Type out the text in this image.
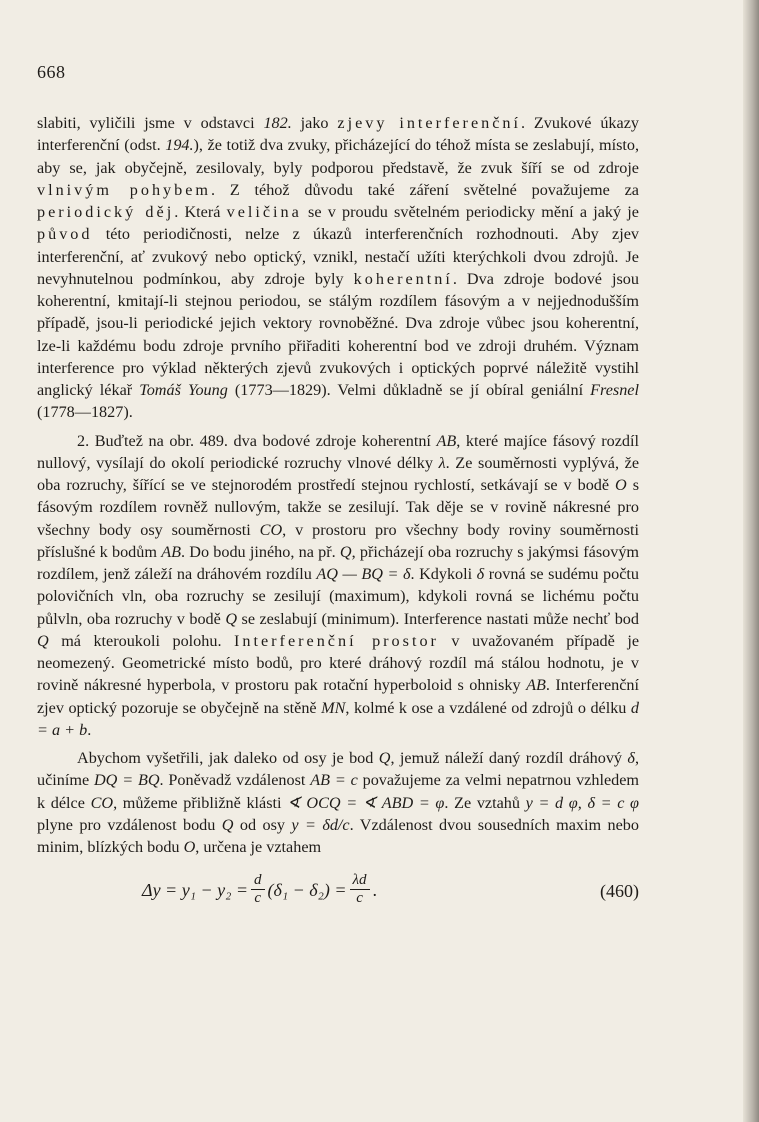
668

slabiti, vyličili jsme v odstavci 182. jako zjevy interferenční. Zvukové úkazy interferenční (odst. 194.), že totiž dva zvuky, přicházející do téhož místa se zeslabují, místo, aby se, jak obyčejně, zesilovaly, byly podporou představě, že zvuk šíří se od zdroje vlnivým pohybem. Z téhož důvodu také záření světelné považujeme za periodický děj. Která veličina se v proudu světelném periodicky mění a jaký je původ této periodičnosti, nelze z úkazů interferenčních rozhodnouti. Aby zjev interferenční, ať zvukový nebo optický, vznikl, nestačí užíti kterýchkoli dvou zdrojů. Je nevyhnutelnou podmínkou, aby zdroje byly koherentní. Dva zdroje bodové jsou koherentní, kmitají-li stejnou periodou, se stálým rozdílem fásovým a v nejjednodušším případě, jsou-li periodické jejich vektory rovnoběžné. Dva zdroje vůbec jsou koherentní, lze-li každému bodu zdroje prvního přiřaditi koherentní bod ve zdroji druhém. Význam interference pro výklad některých zjevů zvukových i optických poprvé náležitě vystihl anglický lékař Tomáš Young (1773—1829). Velmi důkladně se jí obíral geniální Fresnel (1778—1827).

2. Buďtež na obr. 489. dva bodové zdroje koherentní AB, které majíce fásový rozdíl nullový, vysílají do okolí periodické rozruchy vlnové délky λ. Ze souměrnosti vyplývá, že oba rozruchy, šířící se ve stejnorodém prostředí stejnou rychlostí, setkávají se v bodě O s fásovým rozdílem rovněž nullovým, takže se zesilují. Tak děje se v rovině nákresné pro všechny body osy souměrnosti CO, v prostoru pro všechny body roviny souměrnosti příslušné k bodům AB. Do bodu jiného, na př. Q, přicházejí oba rozruchy s jakýmsi fásovým rozdílem, jenž záleží na dráhovém rozdílu AQ — BQ = δ. Kdykoli δ rovná se sudému počtu polovičních vln, oba rozruchy se zesilují (maximum), kdykoli rovná se lichému počtu půlvln, oba rozruchy v bodě Q se zeslabují (minimum). Interference nastati může nechť bod Q má kteroukoli polohu. Interferenční prostor v uvažovaném případě je neomezený. Geometrické místo bodů, pro které dráhový rozdíl má stálou hodnotu, je v rovině nákresné hyperbola, v prostoru pak rotační hyperboloid s ohnisky AB. Interferenční zjev optický pozoruje se obyčejně na stěně MN, kolmé k ose a vzdálené od zdrojů o délku d = a + b.

Abychom vyšetřili, jak daleko od osy je bod Q, jemuž náleží daný rozdíl dráhový δ, učiníme DQ = BQ. Poněvadž vzdálenost AB = c považujeme za velmi nepatrnou vzhledem k délce CO, můžeme přibližně klásti ∢ OCQ = ∢ ABD = φ. Ze vztahů y = d φ, δ = c φ plyne pro vzdálenost bodu Q od osy y = δd/c. Vzdálenost dvou sousedních maxim nebo minim, blízkých bodu O, určena je vztahem

$\Delta y = y_1 - y_2 = \frac{d}{c} (\delta_1 - \delta_2) = \frac{\lambda d}{c}$ .	(460)
